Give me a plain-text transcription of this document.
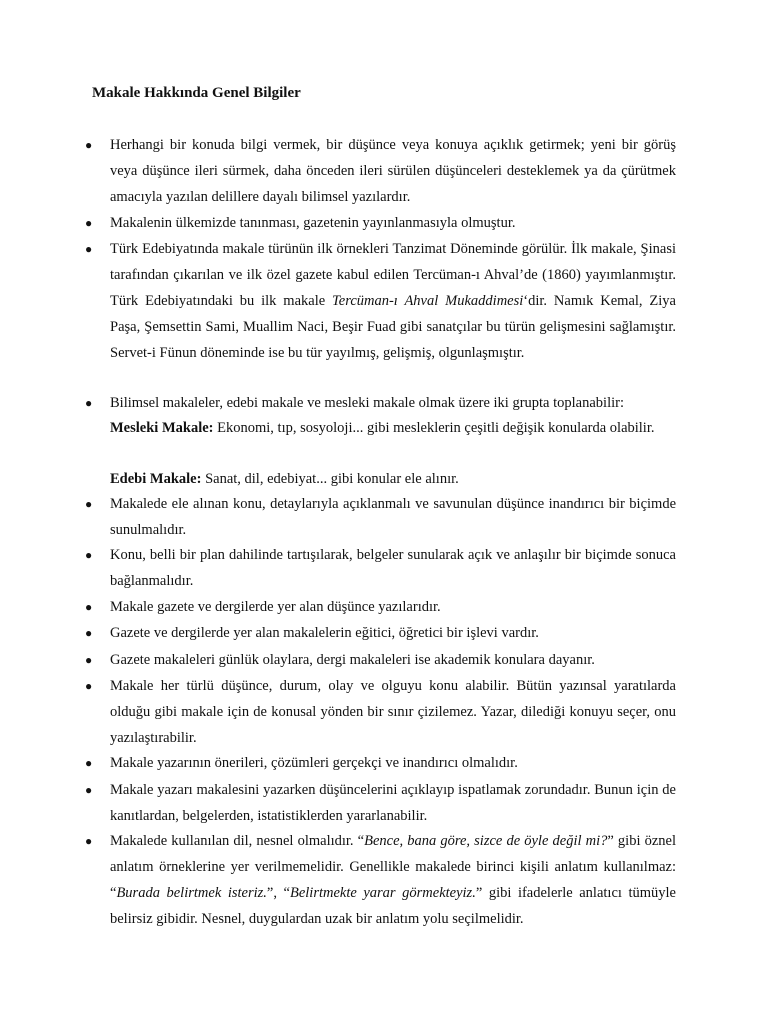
Makale Hakkında Genel Bilgiler
● Herhangi bir konuda bilgi vermek, bir düşünce veya konuya açıklık getirmek; yeni bir görüş veya düşünce ileri sürmek, daha önceden ileri sürülen düşünceleri desteklemek ya da çürütmek amacıyla yazılan delillere dayalı bilimsel yazılardır.

● Makalenin ülkemizde tanınması, gazetenin yayınlanmasıyla olmuştur.

● Türk Edebiyatında makale türünün ilk örnekleri Tanzimat Döneminde görülür. İlk makale, Şinasi tarafından çıkarılan ve ilk özel gazete kabul edilen Tercüman-ı Ahval’de (1860) yayımlanmıştır. Türk Edebiyatındaki bu ilk makale Tercüman-ı Ahval Mukaddimesi‘dir. Namık Kemal, Ziya Paşa, Şemsettin Sami, Muallim Naci, Beşir Fuad gibi sanatçılar bu türün gelişmesini sağlamıştır. Servet-i Fünun döneminde ise bu tür yayılmış, gelişmiş, olgunlaşmıştır.

● Bilimsel makaleler, edebi makale ve mesleki makale olmak üzere iki grupta toplanabilir:

Mesleki Makale: Ekonomi, tıp, sosyoloji... gibi mesleklerin çeşitli değişik konularda olabilir.

Edebi Makale: Sanat, dil, edebiyat... gibi konular ele alınır.

● Makalede ele alınan konu, detaylarıyla açıklanmalı ve savunulan düşünce inandırıcı bir biçimde sunulmalıdır.

● Konu, belli bir plan dahilinde tartışılarak, belgeler sunularak açık ve anlaşılır bir biçimde sonuca bağlanmalıdır.

● Makale gazete ve dergilerde yer alan düşünce yazılarıdır.

● Gazete ve dergilerde yer alan makalelerin eğitici, öğretici bir işlevi vardır.

● Gazete makaleleri günlük olaylara, dergi makaleleri ise akademik konulara dayanır.

● Makale her türlü düşünce, durum, olay ve olguyu konu alabilir. Bütün yazınsal yaratılarda olduğu gibi makale için de konusal yönden bir sınır çizilemez. Yazar, dilediği konuyu seçer, onu yazılaştırabilir.

● Makale yazarının önerileri, çözümleri gerçekçi ve inandırıcı olmalıdır.

● Makale yazarı makalesini yazarken düşüncelerini açıklayıp ispatlamak zorundadır. Bunun için de kanıtlardan, belgelerden, istatistiklerden yararlanabilir.

● Makalede kullanılan dil, nesnel olmalıdır. “Bence, bana göre, sizce de öyle değil mi?” gibi öznel anlatım örneklerine yer verilmemelidir. Genellikle makalede birinci kişili anlatım kullanılmaz: “Burada belirtmek isteriz.”, “Belirtmekte yarar görmekteyiz.” gibi ifadelerle anlatıcı tümüyle belirsiz gibidir. Nesnel, duygulardan uzak bir anlatım yolu seçilmelidir.
